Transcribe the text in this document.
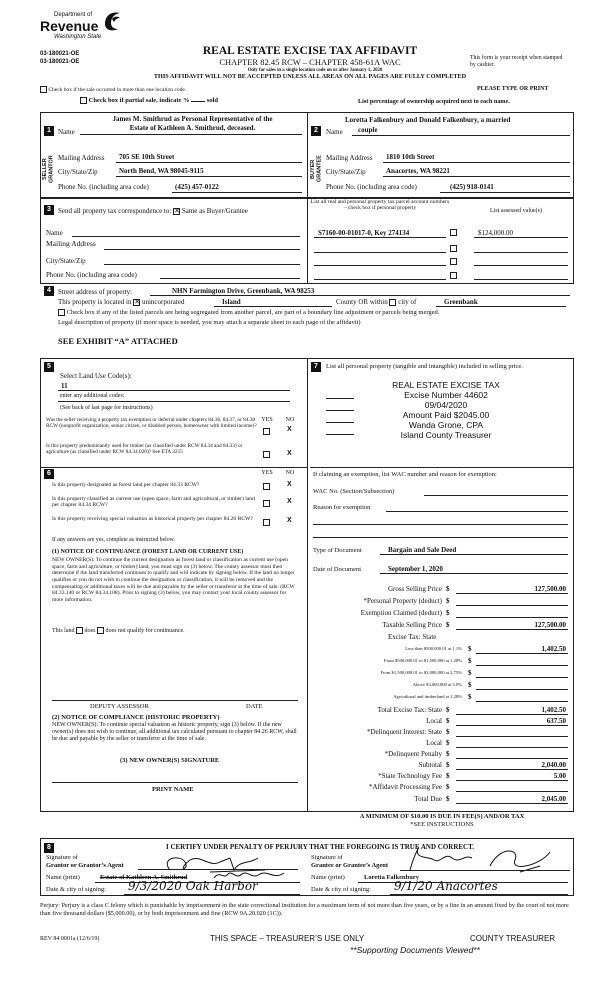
Department of
Revenue
Washington State
03-180021-OE
03-180021-OE
REAL ESTATE EXCISE TAX AFFIDAVIT
CHAPTER 82.45 RCW – CHAPTER 458-61A WAC
Only for sales in a single location code on or after January 1, 2020
THIS AFFIDAVIT WILL NOT BE ACCEPTED UNLESS ALL AREAS ON ALL PAGES ARE FULLY COMPLETED
This form is your receipt when stamped by cashier.
Check box if the sale occurred in more than one location code.	PLEASE TYPE OR PRINT
Check box if partial sale, indicate %	sold	List percentage of ownership acquired next to each name.
1	Name
James M. Smithrud as Personal Representative of the
Estate of Kathleen A. Smithrud, deceased.
SELLER GRANTOR Mailing Address 705 SE 10th Street
City/State/Zip	North Bend, WA 98045-9115
Phone No. (including area code)	(425) 457-0122
2	Name
Loretta Falkenbury and Donald Falkenbury, a married
couple
BUYER GRANTEE Mailing Address 1810 10th Street
City/State/Zip	Anacortes, WA 98221
Phone No. (including area code)	(425) 918-0141
3	Send all property tax correspondence to: ✕ Same as Buyer/Grantee
Name
Mailing Address
City/State/Zip
Phone No. (including area code)
List all real and personal property tax parcel account numbers – check box if personal property	List assessed value(s)
S7160-00-01017-0, Key 274134	$124,000.00
4	Street address of property:	NHN Farmington Drive, Greenbank, WA 98253
This property is located in ✕ unincorporated	Island	County OR within city of	Greenbank
Check box if any of the listed parcels are being segregated from another parcel, are part of a boundary line adjustment or parcels being merged.
Legal description of property (if more space is needed, you may attach a separate sheet to each page of the affidavit)
SEE EXHIBIT “A” ATTACHED
5
Select Land Use Code(s):
11
enter any additional codes:
(See back of last page for instructions)
YES	NO
Was the seller receiving a property tax exemption or deferral under chapters 84.36, 84.37, or 84.38 RCW (nonprofit organization, senior citizen, or disabled person, homeowner with limited income)?	X
Is this property predominantly used for timber (as classified under RCW 84.34 and 84.33) or agriculture (as classified under RCW 84.34.020)? See ETA 3215	X
6	YES	NO
Is this property designated as forest land per chapter 84.33 RCW?	X
Is this property classified as current use (open space, farm and agricultural, or timber) land per chapter 84.34 RCW?
X
Is this property receiving special valuation as historical property per chapter 84.26 RCW?	X
If any answers are yes, complete as instructed below.
(1) NOTICE OF CONTINUANCE (FOREST LAND OR CURRENT USE)
NEW OWNER(S): To continue the current designation as forest land or classification as current use (open space, farm and agriculture, or timber) land, you must sign on (3) below. The county assessor must then determine if the land transferred continues to qualify and will indicate by signing below. If the land no longer qualifies or you do not wish to continue the designation or classification, it will be removed and the compensating or additional taxes will be due and payable by the seller or transferor at the time of sale. (RCW 84.33.140 or RCW 84.34.108). Prior to signing (3) below, you may contact your local county assessor for more information.
This land does does not qualify for continuance.
DEPUTY ASSESSOR	DATE
(2) NOTICE OF COMPLIANCE (HISTORIC PROPERTY)
NEW OWNER(S): To continue special valuation as historic property, sign (3) below. If the new owner(s) does not wish to continue, all additional tax calculated pursuant to chapter 84.26 RCW, shall be due and payable by the seller or transferor at the time of sale.
(3) NEW OWNER(S) SIGNATURE
PRINT NAME
7	List all personal property (tangible and intangible) included in selling price.
REAL ESTATE EXCISE TAX
Excise Number 44602
09/04/2020
Amount Paid $2045.00
Wanda Grone, CPA
Island County Treasurer
If claiming an exemption, list WAC number and reason for exemption:
WAC No. (Section/Subsection)
Reason for exemption
Type of Document	Bargain and Sale Deed
Date of Document	September 1, 2020
Gross Selling Price $	127,500.00
*Personal Property (deduct) $
Exemption Claimed (deduct) $
Taxable Selling Price $	127,500.00
Excise Tax: State
Less than $500,000.01 at 1.1% $	1,402.50
From $500,000.01 to $1,500,000 at 1.28% $
From $1,500,000.01 to $3,000,000 at 2.75% $
Above $3,000,000 at 3.0% $
Agricultural and timberland at 1.28% $
Total Excise Tax: State $	1,402.50
Local $	637.50
*Delinquent Interest: State $
Local $
*Delinquent Penalty $
Subtotal $	2,040.00
*State Technology Fee $	5.00
*Affidavit Processing Fee $
Total Due $	2,045.00
A MINIMUM OF $10.00 IS DUE IN FEE(S) AND/OR TAX
*SEE INSTRUCTIONS
8	I CERTIFY UNDER PENALTY OF PERJURY THAT THE FOREGOING IS TRUE AND CORRECT.
Signature of
Grantor or Grantor’s Agent
Signature of
Grantee or Grantee’s Agent
Name (print)	Estate of Kathleen A. Smithrud	Name (print)	Loretta Falkenbury
Date & city of signing: 9/3/2020 Oak Harbor	Date & city of signing: 9/1/20 Anacortes
Perjury: Perjury is a class C felony which is punishable by imprisonment in the state correctional institution for a maximum term of not more than five years, or by a fine in an amount fixed by the court of not more than five thousand dollars ($5,000.00), or by both imprisonment and fine (RCW 9A.20.020 (1C)).
REV 84 0001a (12/6/19)	THIS SPACE – TREASURER’S USE ONLY	COUNTY TREASURER
**Supporting Documents Viewed**
